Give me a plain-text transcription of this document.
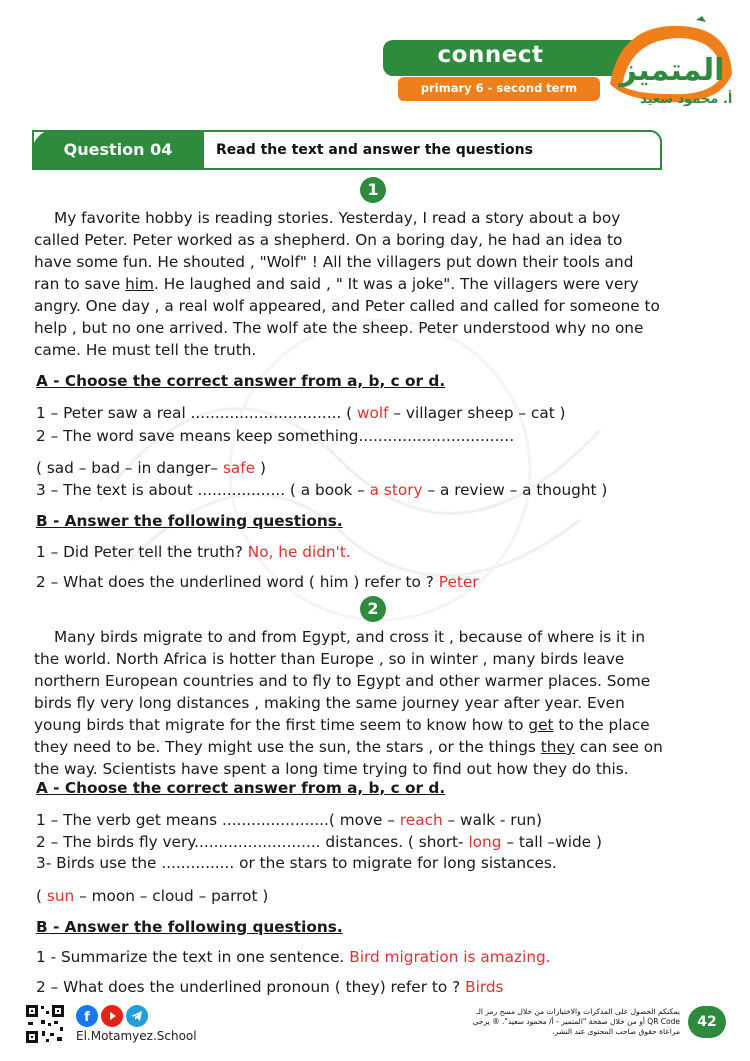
connect
primary 6 - second term	المتميز
أ. محمود سعيد
Question 04	Read the text and answer the questions
1
My favorite hobby is reading stories. Yesterday, I read a story about a boy
called Peter. Peter worked as a shepherd. On a boring day, he had an idea to
have some fun. He shouted , "Wolf" ! All the villagers put down their tools and
ran to save him. He laughed and said , " It was a joke". The villagers were very
angry. One day , a real wolf appeared, and Peter called and called for someone to
help , but no one arrived. The wolf ate the sheep. Peter understood why no one
came. He must tell the truth.
A - Choose the correct answer from a, b, c or d.
1 – Peter saw a real ............................... ( wolf – villager sheep – cat )
2 – The word save means keep something................................
( sad – bad – in danger– safe )
3 – The text is about .................. ( a book – a story – a review – a thought )
B - Answer the following questions.
1 – Did Peter tell the truth? No, he didn't.
2 – What does the underlined word ( him ) refer to ? Peter
2
Many birds migrate to and from Egypt, and cross it , because of where is it in
the world. North Africa is hotter than Europe , so in winter , many birds leave
northern European countries and to fly to Egypt and other warmer places. Some
birds fly very long distances , making the same journey year after year. Even
young birds that migrate for the first time seem to know how to get to the place
they need to be. They might use the sun, the stars , or the things they can see on
the way. Scientists have spent a long time trying to find out how they do this.
A - Choose the correct answer from a, b, c or d.
1 – The verb get means ......................( move – reach – walk - run)
2 – The birds fly very.......................... distances. ( short- long – tall –wide )
3- Birds use the ............... or the stars to migrate for long sistances.
( sun – moon – cloud – parrot )
B - Answer the following questions.
1 - Summarize the text in one sentence. Bird migration is amazing.
2 – What does the underlined pronoun ( they) refer to ? Birds
f
El.Motamyez.School
يمكنكم الحصول على المذكرات والاختبارات من خلال مسح رمز الـ QR Code أو من خلال صفحة "المتميز - أ/ محمود سعيد". ® يرجى مراعاة حقوق صاحب المحتوى عند النشر.
42
